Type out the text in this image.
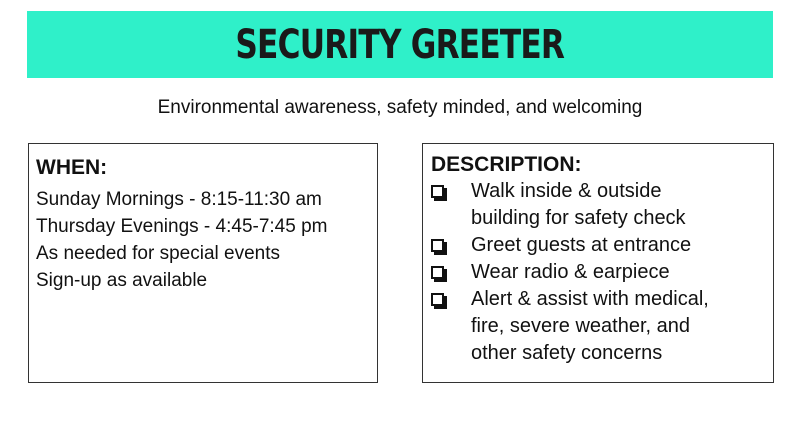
SECURITY GREETER
Environmental awareness, safety minded, and welcoming
WHEN:
Sunday Mornings - 8:15-11:30 am
Thursday Evenings - 4:45-7:45 pm
As needed for special events
Sign-up as available
DESCRIPTION:
Walk inside & outside
building for safety check
Greet guests at entrance
Wear radio & earpiece
Alert & assist with medical,
fire, severe weather, and
other safety concerns
